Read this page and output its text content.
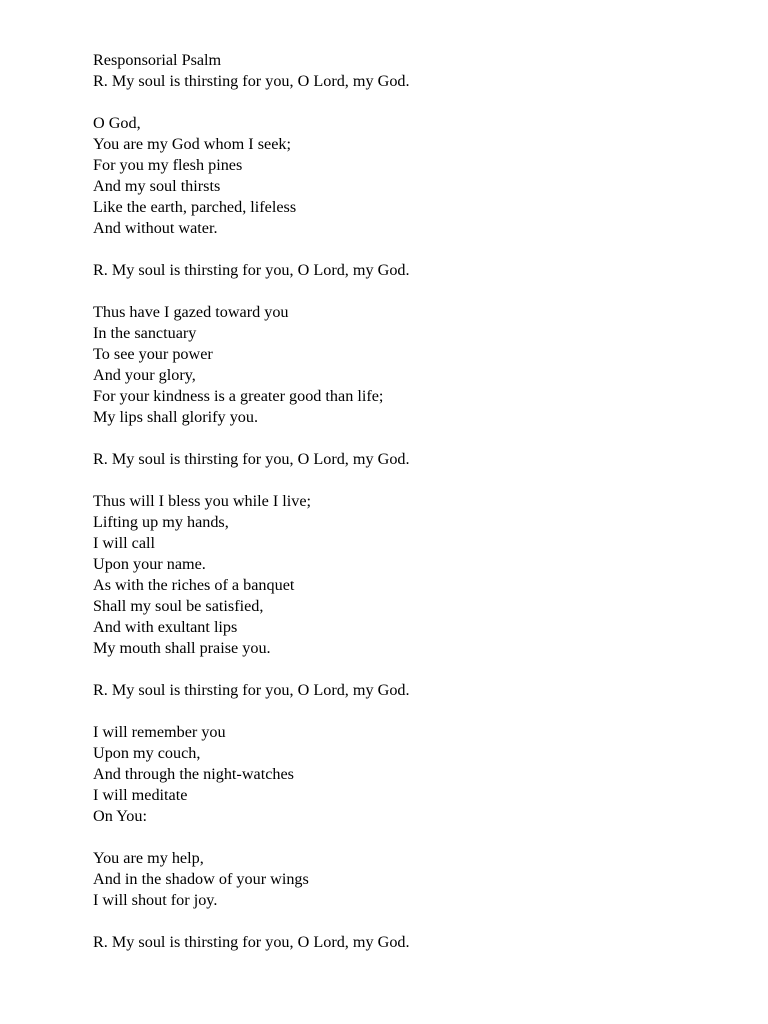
Responsorial Psalm
R. My soul is thirsting for you, O Lord, my God.
O God,
You are my God whom I seek;
For you my flesh pines
And my soul thirsts
Like the earth, parched, lifeless
And without water.
R. My soul is thirsting for you, O Lord, my God.
Thus have I gazed toward you
In the sanctuary
To see your power
And your glory,
For your kindness is a greater good than life;
My lips shall glorify you.
R. My soul is thirsting for you, O Lord, my God.
Thus will I bless you while I live;
Lifting up my hands,
I will call
Upon your name.
As with the riches of a banquet
Shall my soul be satisfied,
And with exultant lips
My mouth shall praise you.
R. My soul is thirsting for you, O Lord, my God.
I will remember you
Upon my couch,
And through the night-watches
I will meditate
On You:
You are my help,
And in the shadow of your wings
I will shout for joy.
R. My soul is thirsting for you, O Lord, my God.
